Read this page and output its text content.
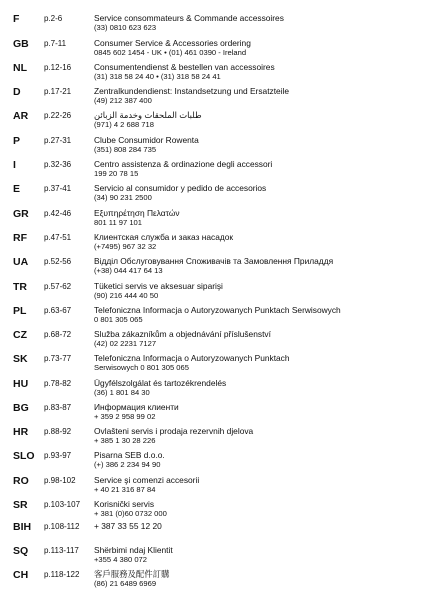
F	p.2-6	Service consommateurs & Commande accessoires
(33) 0810 623 623
GB p.7-11	Consumer Service & Accessories ordering
0845 602 1454 - UK • (01) 461 0390 - Ireland
NL p.12-16	Consumentendienst & bestellen van accessoires
(31) 318 58 24 40 • (31) 318 58 24 41
D	p.17-21	Zentralkundendienst: Instandsetzung und Ersatzteile
(49) 212 387 400
AR p.22-26	طلبات الملحقات وخدمة الزبائن
(971) 4 2 688 718
P	p.27-31	Clube Consumidor Rowenta
(351) 808 284 735
I	p.32-36	Centro assistenza & ordinazione degli accessori
199 20 78 15
E	p.37-41	Servicio al consumidor y pedido de accesorios
(34) 90 231 2500
GR p.42-46	Εξυπηρέτηση Πελατών
801 11 97 101
RF p.47-51	Клиентская служба и заказ насадок
(+7495) 967 32 32
UA p.52-56	Відділ Обслуговування Споживачів та Замовлення Приладдя
(+38) 044 417 64 13
TR p.57-62	Tüketici servis ve aksesuar siparişi
(90) 216 444 40 50
PL p.63-67	Telefoniczna Informacja o Autoryzowanych Punktach Serwisowych
0 801 305 065
CZ p.68-72	Služba zákazníkům a objednávání příslušenství
(42) 02 2231 7127
SK p.73-77	Telefoniczna Informacja o Autoryzowanych Punktach
Serwisowych 0 801 305 065
HU p.78-82	Ügyfélszolgálat és tartozékrendelés
(36) 1 801 84 30
BG p.83-87	Информация клиенти
+ 359 2 958 99 02
HR p.88-92	Ovlašteni servis i prodaja rezervnih djelova
+ 385 1 30 28 226
SLO p.93-97	Pisarna SEB d.o.o.
(+) 386 2 234 94 90
RO p.98-102 Service şi comenzi accesorii
+ 40 21 316 87 84
SR p.103-107 Korisnički servis
+ 381 (0)60 0732 000
BIH p.108-112 + 387 33 55 12 20
SQ p.113-117 Shërbimi ndaj Klientit
+355 4 380 072
CH p.118-122 客戶服務及配件訂購
(86) 21 6489 6969
